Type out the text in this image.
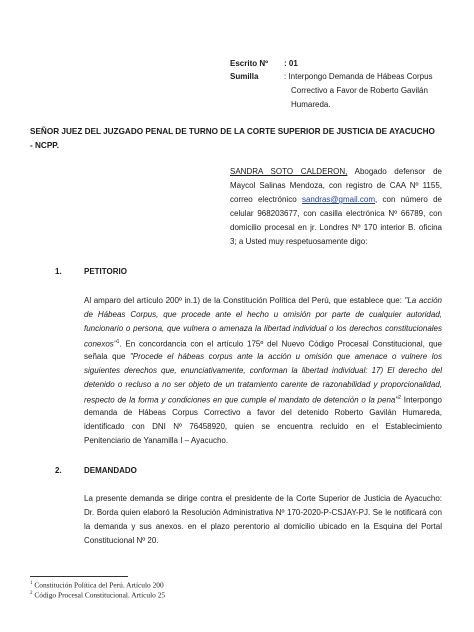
Escrito Nº : 01
Sumilla	: Interpongo Demanda de Hábeas Corpus
Correctivo a Favor de Roberto Gavilán
Humareda.
SEÑOR JUEZ DEL JUZGADO PENAL DE TURNO DE LA CORTE SUPERIOR DE JUSTICIA DE AYACUCHO
- NCPP.
SANDRA SOTO CALDERON, Abogado defensor de
Maycol Salinas Mendoza, con registro de CAA Nº 1155,
correo electrónico sandras@gmail.com, con número de
celular 968203677, con casilla electrónica Nº 66789, con
domicilio procesal en jr. Londres Nº 170 interior B. oficina
3; a Usted muy respetuosamente digo:
1.	PETITORIO
Al amparo del artículo 200º in.1) de la Constitución Política del Perú, que establece que: "La acción
de Hábeas Corpus, que procede ante el hecho u omisión por parte de cualquier autoridad,
funcionario o persona, que vulnera o amenaza la libertad individual o los derechos constitucionales
conexos"$^1$. En concordancia con el artículo 175º del Nuevo Código Procesal Constitucional, que
señala que "Procede el hábeas corpus ante la acción u omisión que amenace o vulnere los
siguientes derechos que, enunciativamente, conforman la libertad individual: 17) El derecho del
detenido o recluso a no ser objeto de un tratamiento carente de razonabilidad y proporcionalidad,
respecto de la forma y condiciones en que cumple el mandato de detención o la pena"$^2$ Interpongo
demanda de Hábeas Corpus Correctivo a favor del detenido Roberto Gavilán Humareda,
identificado con DNI Nº 76458920, quien se encuentra recluido en el Establecimiento
Penitenciario de Yanamilla I – Ayacucho.
2.	DEMANDADO
La presente demanda se dirige contra el presidente de la Corte Superior de Justicia de Ayacucho:
Dr. Borda quien elaboró la Resolución Administrativa Nº 170-2020-P-CSJAY-PJ. Se le notificará con
la demanda y sus anexos. en el plazo perentorio al domicilio ubicado en la Esquina del Portal
Constitucional Nº 20.
$^1$ Constitución Política del Perú. Artículo 200
$^2$ Código Procesal Constitucional. Artículo 25
